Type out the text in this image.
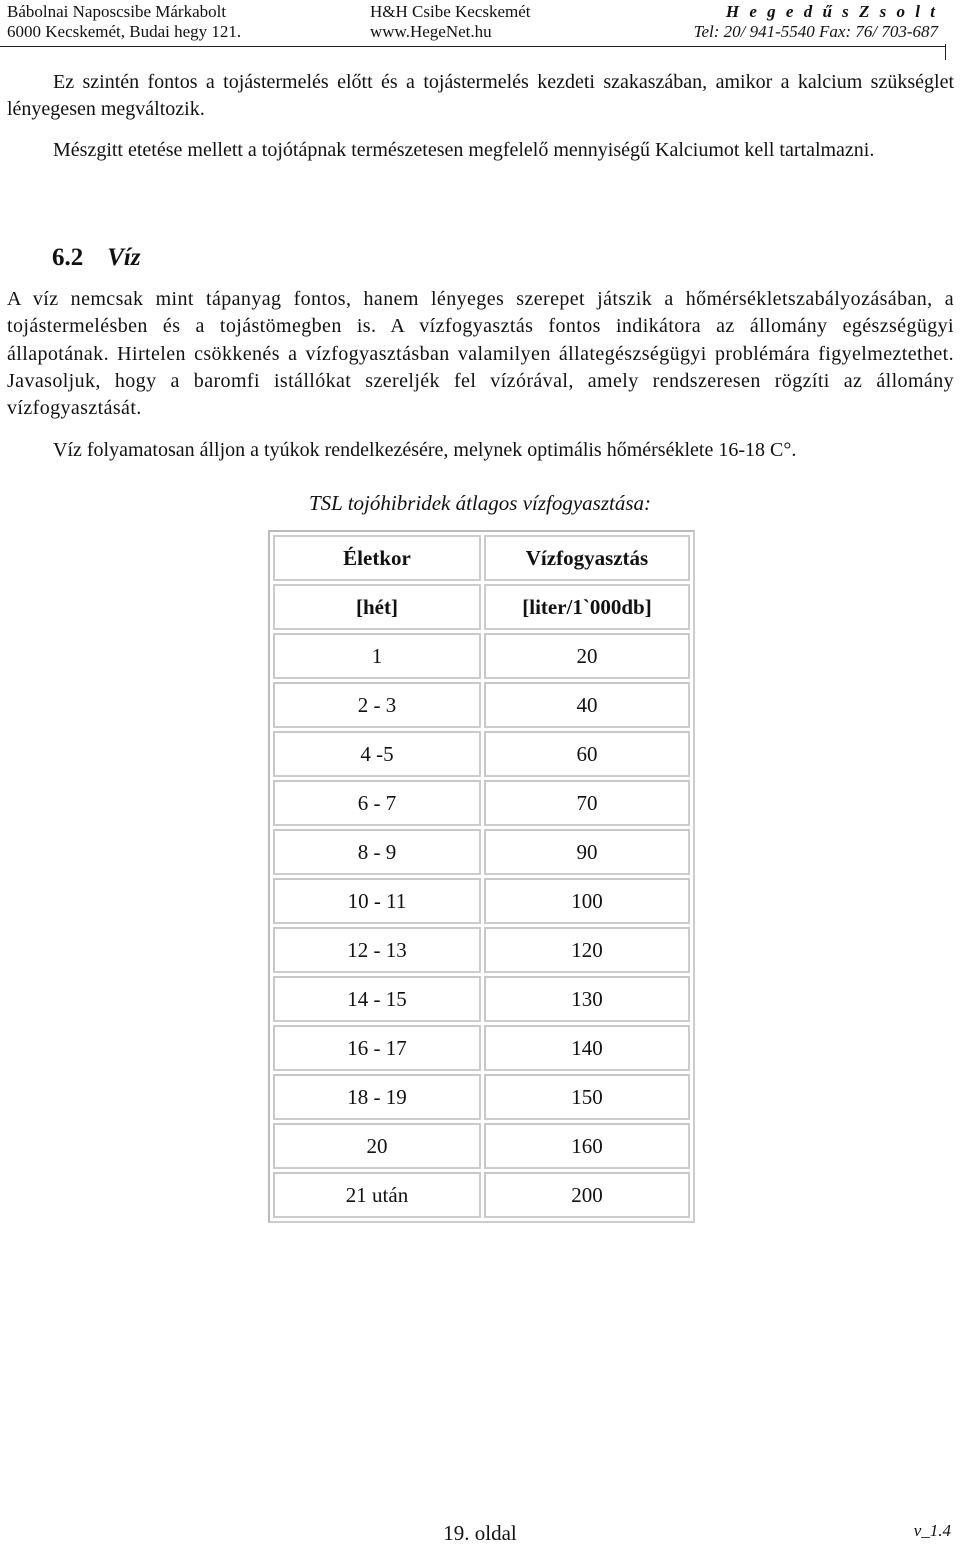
Bábolnai Naposcsibe Márkabolt
6000 Kecskemét, Budai hegy 121.
H&H Csibe Kecskemét
www.HegeNet.hu
H e g e d ű s Z s o l t
Tel: 20/ 941-5540 Fax: 76/ 703-687
Ez szintén fontos a tojástermelés előtt és a tojástermelés kezdeti szakaszában, amikor a kalcium szükséglet lényegesen megváltozik.
Mészgitt etetése mellett a tojótápnak természetesen megfelelő mennyiségű Kalciumot kell tartalmazni.
6.2 Víz
A víz nemcsak mint tápanyag fontos, hanem lényeges szerepet játszik a hőmérsékletszabályozásában, a tojástermelésben és a tojástömegben is. A vízfogyasztás fontos indikátora az állomány egészségügyi állapotának. Hirtelen csökkenés a vízfogyasztásban valamilyen állategészségügyi problémára figyelmeztethet. Javasoljuk, hogy a baromfi istállókat szereljék fel vízórával, amely rendszeresen rögzíti az állomány vízfogyasztását.
Víz folyamatosan álljon a tyúkok rendelkezésére, melynek optimális hőmérséklete 16-18 C°.
TSL tojóhibridek átlagos vízfogyasztása:
Életkor	Vízfogyasztás
[hét]	[liter/1`000db]
1	20
2 - 3	40
4 -5	60
6 - 7	70
8 - 9	90
10 - 11	100
12 - 13	120
14 - 15	130
16 - 17	140
18 - 19	150
20	160
21 után	200
19. oldal	v_1.4
